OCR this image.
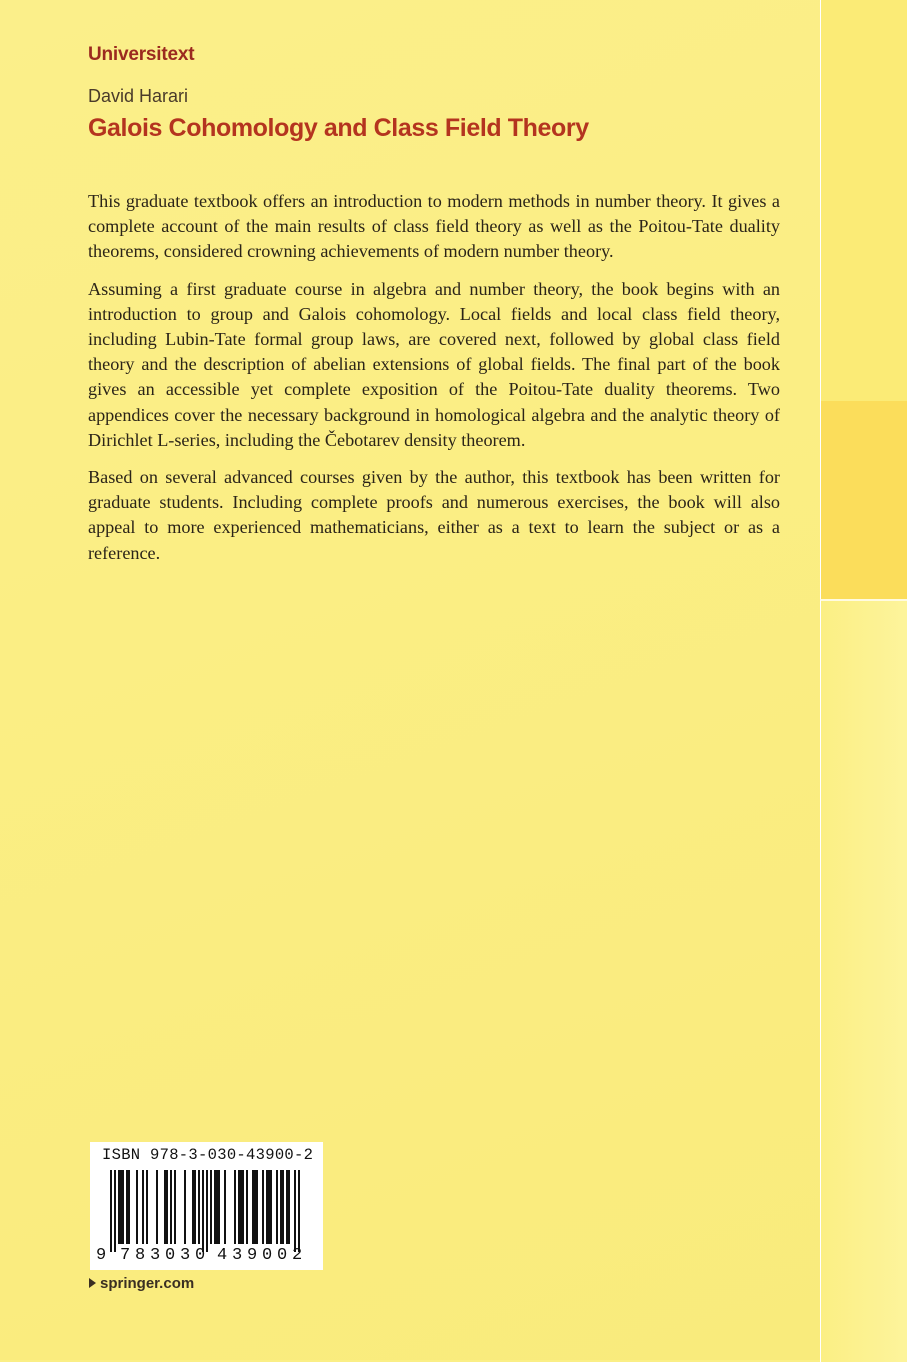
Universitext
David Harari
Galois Cohomology and Class Field Theory

This graduate textbook offers an introduction to modern methods in number theory. It gives a complete account of the main results of class field theory as well as the Poitou-Tate duality theorems, considered crowning achievements of modern number theory.

Assuming a first graduate course in algebra and number theory, the book begins with an introduction to group and Galois cohomology. Local fields and local class field theory, including Lubin-Tate formal group laws, are covered next, followed by global class field theory and the description of abelian extensions of global fields. The final part of the book gives an accessible yet complete exposition of the Poitou-Tate duality theorems. Two appendices cover the necessary background in homological algebra and the analytic theory of Dirichlet L-series, including the Čebotarev density theorem.

Based on several advanced courses given by the author, this textbook has been written for graduate students. Including complete proofs and numerous exercises, the book will also appeal to more experienced mathematicians, either as a text to learn the subject or as a reference.

ISBN 978-3-030-43900-2
9 7 8 3 0 3 0 4 3 9 0 0 2
springer.com
